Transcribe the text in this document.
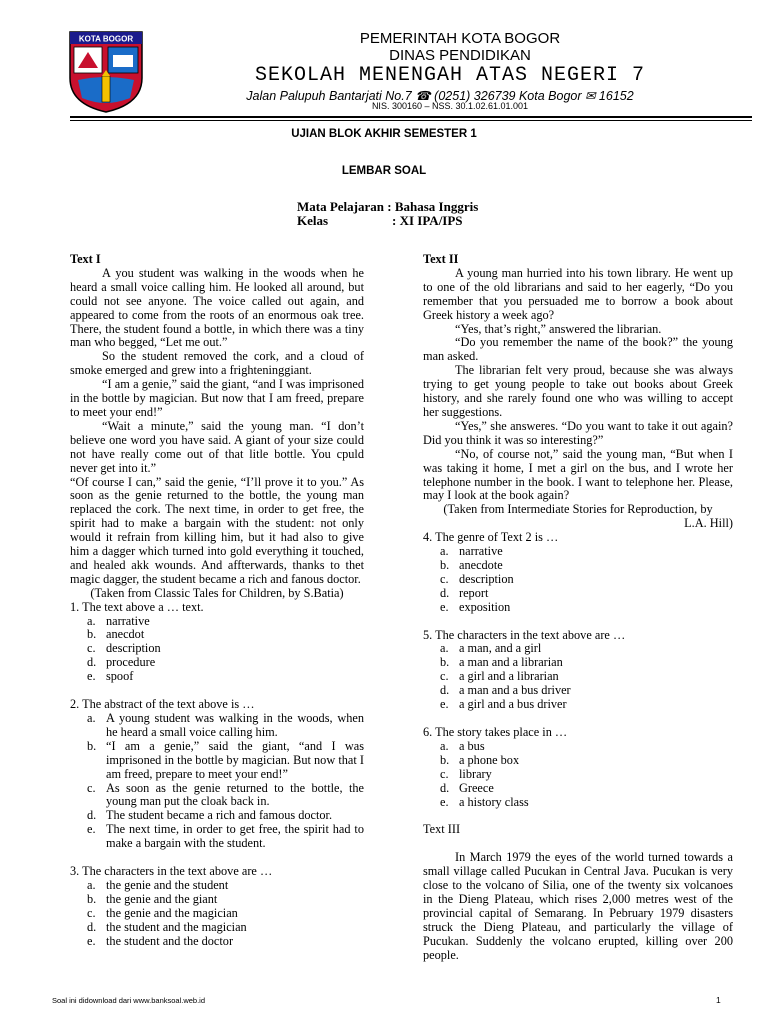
KOTA BOGOR	PEMERINTAH KOTA BOGOR
DINAS PENDIDIKAN
SEKOLAH MENENGAH ATAS NEGERI 7
Jalan Palupuh Bantarjati No.7 ☎ (0251) 326739 Kota Bogor ✉ 16152
NIS. 300160 – NSS. 30.1.02.61.01.001
UJIAN BLOK AKHIR SEMESTER 1
LEMBAR SOAL
Mata Pelajaran : Bahasa Inggris
Kelas	: XI IPA/IPS
Text I
A you student was walking in the woods when he heard a small voice calling him. He looked all around, but could not see anyone. The voice called out again, and appeared to come from the roots of an enormous oak tree. There, the student found a bottle, in which there was a tiny man who begged, “Let me out.”
So the student removed the cork, and a cloud of smoke emerged and grew into a frighteninggiant.
“I am a genie,” said the giant, “and I was imprisoned in the bottle by magician. But now that I am freed, prepare to meet your end!”
“Wait a minute,” said the young man. “I don’t believe one word you have said. A giant of your size could not have really come out of that litle bottle. You cpuld never get into it.”
“Of course I can,” said the genie, “I’ll prove it to you.” As soon as the genie returned to the bottle, the young man replaced the cork. The next time, in order to get free, the spirit had to make a bargain with the student: not only would it refrain from killing him, but it had also to give him a dagger which turned into gold everything it touched, and healed akk wounds. And affterwards, thanks to thet magic dagger, the student became a rich and fanous doctor.
(Taken from Classic Tales for Children, by S.Batia)
1. The text above a … text.
a. narrative
b. anecdot
c. description
d. procedure
e. spoof
2. The abstract of the text above is …
a. A young student was walking in the woods, when he heard a small voice calling him.
b. “I am a genie,” said the giant, “and I was imprisoned in the bottle by magician. But now that I am freed, prepare to meet your end!”
c. As soon as the genie returned to the bottle, the young man put the cloak back in.
d. The student became a rich and famous doctor.
e. The next time, in order to get free, the spirit had to make a bargain with the student.
3. The characters in the text above are …
a. the genie and the student
b. the genie and the giant
c. the genie and the magician
d. the student and the magician
e. the student and the doctor
Text II
A young man hurried into his town library. He went up to one of the old librarians and said to her eagerly, “Do you remember that you persuaded me to borrow a book about Greek history a week ago?
“Yes, that’s right,” answered the librarian.
“Do you remember the name of the book?” the young man asked.
The librarian felt very proud, because she was always trying to get young people to take out books about Greek history, and she rarely found one who was willing to accept her suggestions.
“Yes,” she answeres. “Do you want to take it out again? Did you think it was so interesting?”
“No, of course not,” said the young man, “But when I was taking it home, I met a girl on the bus, and I wrote her telephone number in the book. I want to telephone her. Please, may I look at the book again?
(Taken from Intermediate Stories for Reproduction, by
L.A. Hill)
4. The genre of Text 2 is …
a. narrative
b. anecdote
c. description
d. report
e. exposition
5. The characters in the text above are …
a. a man, and a girl
b. a man and a librarian
c. a girl and a librarian
d. a man and a bus driver
e. a girl and a bus driver
6. The story takes place in …
a. a bus
b. a phone box
c. library
d. Greece
e. a history class
Text III
In March 1979 the eyes of the world turned towards a small village called Pucukan in Central Java. Pucukan is very close to the volcano of Silia, one of the twenty six volcanoes in the Dieng Plateau, which rises 2,000 metres west of the provincial capital of Semarang. In Pebruary 1979 disasters struck the Dieng Plateau, and particularly the village of Pucukan. Suddenly the volcano erupted, killing over 200 people.
Soal ini didownload dari www.banksoal.web.id	1
